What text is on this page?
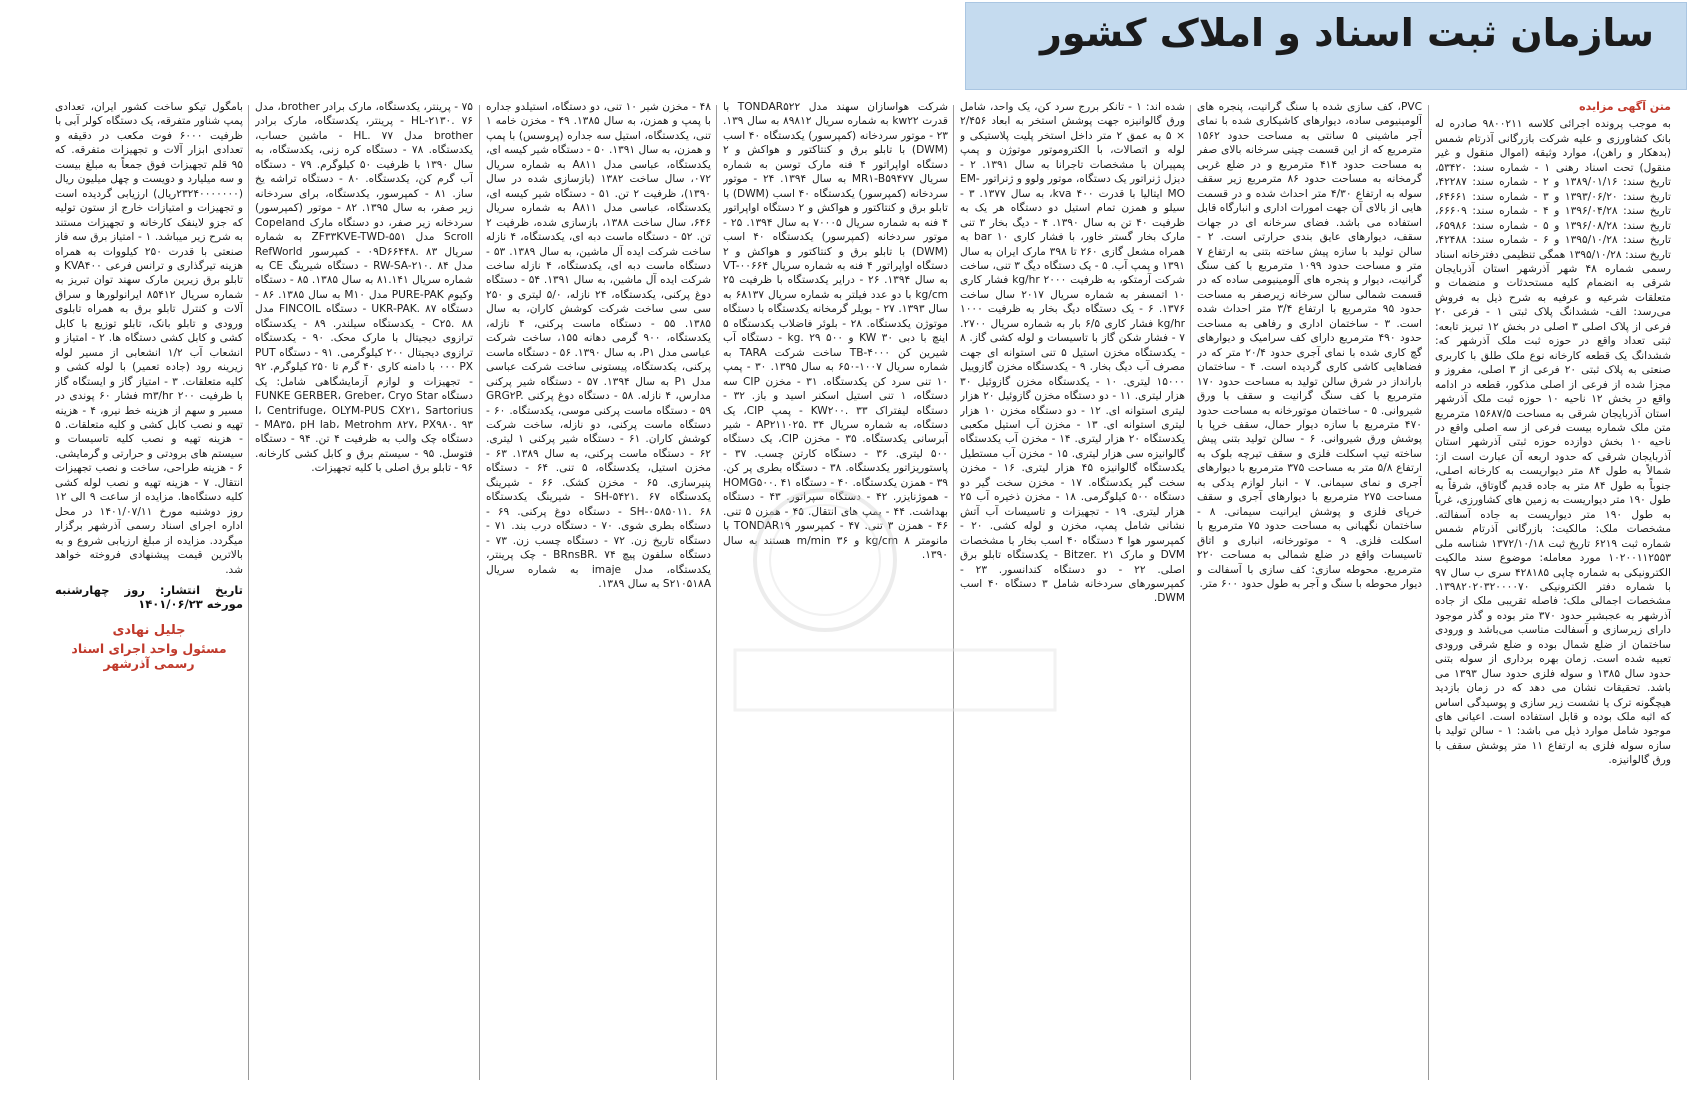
سازمان ثبت اسناد و املاک کشور
متن آگهی مزایده

به موجب پرونده اجرائی کلاسه ۹۸۰۰۲۱۱ صادره له بانک کشاورزی و علیه شرکت بازرگانی آذرتام شمس (بدهکار و راهن)، موارد وثیقه (اموال منقول و غیر منقول) تحت اسناد رهنی ۱ - شماره سند: ۵۳۴۲۰، تاریخ سند: ۱۳۸۹/۰۱/۱۶ و ۲ - شماره سند: ۴۲۲۸۷، تاریخ سند: ۱۳۹۳/۰۶/۲۰ و ۳ - شماره سند: ۶۴۶۶۱، تاریخ سند: ۱۳۹۶/۰۴/۲۸ و ۴ - شماره سند: ۶۶۶۰۹، تاریخ سند: ۱۳۹۶/۰۸/۲۸ و ۵ - شماره سند: ۶۵۹۸۶، تاریخ سند: ۱۳۹۵/۱۰/۲۸ و ۶ - شماره سند: ۴۲۴۸۸، تاریخ سند: ۱۳۹۵/۱۰/۲۸ همگی تنظیمی دفترخانه اسناد رسمی شماره ۴۸ شهر آذرشهر استان آذربایجان شرقی به انضمام کلیه مستحدثات و منضمات و متعلقات شرعیه و عرفیه به شرح ذیل به فروش می‌رسد: الف- ششدانگ پلاک ثبتی ۱ - فرعی ۲۰ فرعی از پلاک اصلی ۳ اصلی در بخش ۱۲ تبریز تابعه: ثبتی تعداد واقع در حوزه ثبت ملک آذرشهر که: ششدانگ یک قطعه کارخانه نوع ملک طلق با کاربری صنعتی به پلاک ثبتی ۲۰ فرعی از ۳ اصلی، مفروز و مجزا شده از فرعی از اصلی مذکور، قطعه در ادامه واقع در بخش ۱۲ ناحیه ۱۰ حوزه ثبت ملک آذرشهر استان آذربایجان شرقی به مساحت ۱۵۶۸۷/۵ مترمربع متن ملک شماره بیست فرعی از سه اصلی واقع در ناحیه ۱۰ بخش دوازده حوزه ثبتی آذرشهر استان آذربایجان شرقی که حدود اربعه آن عبارت است از: شمالاً به طول ۸۴ متر دیواریست به کارخانه اصلی، جنوباً به طول ۸۴ متر به جاده قدیم گاوتاق، شرقاً به طول ۱۹۰ متر دیواریست به زمین های کشاورزی، غرباً به طول ۱۹۰ متر دیواریست به جاده آسفالته. مشخصات ملک: مالکیت: بازرگانی آذرتام شمس شماره ثبت ۶۲۱۹ تاریخ ثبت ۱۳۷۲/۱۰/۱۸ شناسه ملی ۱۰۲۰۰۱۱۲۵۵۳ مورد معامله: موضوع سند مالکیت الکترونیکی به شماره چاپی ۴۲۸۱۸۵ سری ب سال ۹۷ با شماره دفتر الکترونیکی ۱۳۹۸۲۰۲۰۳۲۰۰۰۰۷۰. مشخصات اجمالی ملک: فاصله تقریبی ملک از جاده آذرشهر به عجبشیر حدود ۳۷۰ متر بوده و گذر موجود دارای زیرسازی و آسفالت مناسب می‌باشد و ورودی ساختمان از ضلع شمال بوده و ضلع شرقی ورودی تعبیه شده است. زمان بهره برداری از سوله بتنی حدود سال ۱۳۸۵ و سوله فلزی حدود سال ۱۳۹۳ می باشد. تحقیقات نشان می دهد که در زمان بازدید هیچگونه ترک یا نشست زیر سازی و پوسیدگی اساس که اثبه ملک بوده و قابل استفاده است. اعیانی های موجود شامل موارد ذیل می باشد: ۱ - سالن تولید با سازه سوله فلزی به ارتفاع ۱۱ متر پوشش سقف با ورق گالوانیزه.

PVC، کف سازی شده با سنگ گرانیت، پنجره های آلومینیومی ساده، دیوارهای کاشیکاری شده با نمای آجر ماشینی ۵ سانتی به مساحت حدود ۱۵۶۲ مترمربع که از این قسمت چینی سرخانه بالای صفر به مساحت حدود ۴۱۴ مترمربع و در ضلع غربی گرمخانه به مساحت حدود ۸۶ مترمربع زیر سقف سوله به ارتفاع ۴/۳۰ متر احداث شده و در قسمت هایی از بالای آن جهت امورات اداری و انبارگاه قابل استفاده می باشد. فضای سرخانه ای در جهات سقف، دیوارهای عایق بندی حرارتی است. ۲ - سالن تولید با سازه پیش ساخته بتنی به ارتفاع ۷ متر و مساحت حدود ۱۰۹۹ مترمربع با کف سنگ گرانیت، دیوار و پنجره های آلومینیومی ساده که در قسمت شمالی سالن سرخانه زیرصفر به مساحت حدود ۹۵ مترمربع با ارتفاع ۳/۴ متر احداث شده است. ۳ - ساختمان اداری و رفاهی به مساحت حدود ۴۹۰ مترمربع دارای کف سرامیک و دیوارهای گچ کاری شده با نمای آجری حدود ۲۰/۴ متر که در فضاهایی کاشی کاری گردیده است. ۴ - ساختمان بارانداز در شرق سالن تولید به مساحت حدود ۱۷۰ مترمربع با کف سنگ گرانیت و سقف با ورق شیروانی. ۵ - ساختمان موتورخانه به مساحت حدود ۴۷۰ مترمربع با سازه دیوار حمال، سقف خرپا با پوشش ورق شیروانی. ۶ - سالن تولید بتنی پیش ساخته تیپ اسکلت فلزی و سقف تیرچه بلوک به ارتفاع ۵/۸ متر به مساحت ۳۷۵ مترمربع با دیوارهای آجری و نمای سیمانی. ۷ - انبار لوازم یدکی به مساحت ۲۷۵ مترمربع با دیوارهای آجری و سقف خرپای فلزی و پوشش ایرانیت سیمانی. ۸ - ساختمان نگهبانی به مساحت حدود ۷۵ مترمربع با اسکلت فلزی. ۹ - موتورخانه، انباری و اتاق تاسیسات واقع در ضلع شمالی به مساحت ۲۲۰ مترمربع. محوطه سازی: کف سازی با آسفالت و دیوار محوطه با سنگ و آجر به طول حدود ۶۰۰ متر.

شده اند: ۱ - تانکر بررج سرد کن، یک واحد، شامل ورق گالوانیزه جهت پوشش استخر به ابعاد ۲/۴۵۶ × ۵ به عمق ۲ متر داخل استخر پلیت پلاستیکی و لوله و اتصالات، با الکتروموتور موتوژن و پمپ پمپیران با مشخصات تاجرانا به سال ۱۳۹۱. ۲ - دیزل ژنراتور یک دستگاه، موتور ولوو و ژنراتور EM-MO ایتالیا با قدرت ۴۰۰ kva، به سال ۱۳۷۷. ۳ - سیلو و همزن تمام استیل دو دستگاه هر یک به ظرفیت ۴۰ تن به سال ۱۳۹۰. ۴ - دیگ بخار ۳ تنی مارک بخار گستر خاور، با فشار کاری ۱۰ bar به همراه مشعل گازی ۲۶۰ تا ۳۹۸ مارک ایران به سال ۱۳۹۱ و پمپ آب. ۵ - یک دستگاه دیگ ۳ تنی، ساخت شرکت آرمتکو، به ظرفیت ۲۰۰۰ kg/hr فشار کاری ۱۰ اتمسفر به شماره سریال ۲۰۱۷ سال ساخت ۱۳۷۶. ۶ - یک دستگاه دیگ بخار به ظرفیت ۱۰۰۰ kg/hr فشار کاری ۶/۵ بار به شماره سریال ۲۷۰۰. ۷ - فشار شکن گاز با تاسیسات و لوله کشی گاز. ۸ - یکدستگاه مخزن استیل ۵ تنی استوانه ای جهت مصرف آب دیگ بخار. ۹ - یکدستگاه مخزن گازوییل ۱۵۰۰۰ لیتری. ۱۰ - یکدستگاه مخزن گازوئیل ۳۰ هزار لیتری. ۱۱ - دو دستگاه مخزن گازوئیل ۲۰ هزار لیتری استوانه ای. ۱۲ - دو دستگاه مخزن ۱۰ هزار لیتری استوانه ای. ۱۳ - مخزن آب استیل مکعبی یکدستگاه ۲۰ هزار لیتری. ۱۴ - مخزن آب یکدستگاه گالوانیزه سی هزار لیتری. ۱۵ - مخزن آب مستطیل یکدستگاه گالوانیزه ۴۵ هزار لیتری. ۱۶ - مخزن سخت گیر یکدستگاه. ۱۷ - مخزن سخت گیر دو دستگاه ۵۰۰ کیلوگرمی. ۱۸ - مخزن ذخیره آب ۲۵ هزار لیتری. ۱۹ - تجهیزات و تاسیسات آب آتش نشانی شامل پمپ، مخزن و لوله کشی. ۲۰ - کمپرسور هوا ۴ دستگاه ۴۰ اسب بخار با مشخصات DVM و مارک Bitzer. ۲۱ - یکدستگاه تابلو برق اصلی. ۲۲ - دو دستگاه کندانسور. ۲۳ - کمپرسورهای سردخانه شامل ۳ دستگاه ۴۰ اسب DWM.

شرکت هواسازان سهند مدل TONDAR۵۲۲ با قدرت kw۲۲ به شماره سریال ۸۹۸۱۲ به سال ۱۳۹. ۲۳ - موتور سردخانه (کمپرسور) یکدستگاه ۴۰ اسب (DWM) با تابلو برق و کنتاکتور و هواکش و ۲ دستگاه اواپراتور ۴ فنه مارک توسن به شماره سریال MR۱-B۵۹۴۷۷ به سال ۱۳۹۴. ۲۴ - موتور سردخانه (کمپرسور) یکدستگاه ۴۰ اسب (DWM) با تابلو برق و کنتاکتور و هواکش و ۲ دستگاه اواپراتور ۴ فنه به شماره سریال ۷۰۰۰۵ به سال ۱۳۹۴. ۲۵ - موتور سردخانه (کمپرسور) یکدستگاه ۴۰ اسب (DWM) با تابلو برق و کنتاکتور و هواکش و ۲ دستگاه اواپراتور ۴ فنه به شماره سریال VT-۰۰۶۶۴ به سال ۱۳۹۴. ۲۶ - درایر یکدستگاه با ظرفیت ۲۵ kg/cm با دو عدد فیلتر به شماره سریال ۶۸۱۳۷ به سال ۱۳۹۳. ۲۷ - بویلر گرمخانه یکدستگاه با دستگاه موتوژن یکدستگاه. ۲۸ - بلوئر فاضلاب یکدستگاه ۵ اینچ با دبی ۳۰ KW و ۵۰۰ kg. ۲۹ - دستگاه آب شیرین کن TB-۴۰۰۰ ساخت شرکت TARA به شماره سریال ۱۰۰۷-۶۵۰ به سال ۱۳۹۵. ۳۰ - پمپ ۱۰ تنی سرد کن یکدستگاه. ۳۱ - مخزن CIP سه دستگاه، ۱ تنی استیل اسکنر اسید و باز. ۳۲ - دستگاه لیفتراک KW۲۰۰. ۳۳ - پمپ CIP، یک دستگاه، به شماره سریال AP۲۱۱۰۲۵. ۳۴ - شیر آبرسانی یکدستگاه. ۳۵ - مخزن CIP، یک دستگاه ۵۰۰ لیتری. ۳۶ - دستگاه کارتن چسب. ۳۷ - پاستوریزاتور یکدستگاه. ۳۸ - دستگاه بطری پر کن. ۳۹ - همزن یکدستگاه. ۴۰ - دستگاه HOMG۵۰۰. ۴۱ - هموژنایزر. ۴۲ - دستگاه سپراتور. ۴۳ - دستگاه بهداشت. ۴۴ - پمپ های انتقال. ۴۵ - همزن ۵ تنی. ۴۶ - همزن ۳ تنی. ۴۷ - کمپرسور TONDAR۱۹ با مانومتر kg/cm ۸ و m/min ۳۶ هستند به سال ۱۳۹۰.

۴۸ - مخزن شیر ۱۰ تنی، دو دستگاه، استیلدو جداره با پمپ و همزن، به سال ۱۳۸۵. ۴۹ - مخزن خامه ۱ تنی، یکدستگاه، استیل سه جداره (پروسس) با پمپ و همزن، به سال ۱۳۹۱. ۵۰ - دستگاه شیر کیسه ای، یکدستگاه، عباسی مدل A۸۱۱ به شماره سریال ۰۷۲، سال ساخت ۱۳۸۲ (بازسازی شده در سال ۱۳۹۰)، ظرفیت ۲ تن. ۵۱ - دستگاه شیر کیسه ای، یکدستگاه، عباسی مدل A۸۱۱ به شماره سریال ۶۴۶، سال ساخت ۱۳۸۸، بازسازی شده، ظرفیت ۲ تن. ۵۲ - دستگاه ماست دبه ای، یکدستگاه، ۴ نازله ساخت شرکت ایده آل ماشین، به سال ۱۳۸۹. ۵۳ - دستگاه ماست دبه ای، یکدستگاه، ۴ نازله ساخت شرکت ایده آل ماشین، به سال ۱۳۹۱. ۵۴ - دستگاه دوغ پرکنی، یکدستگاه، ۲۴ نازله، ۵/۰ لیتری و ۲۵۰ سی سی ساخت شرکت کوشش کاران، به سال ۱۳۸۵. ۵۵ - دستگاه ماست پرکنی، ۴ نازله، یکدستگاه، ۹۰۰ گرمی دهانه ۱۵۵، ساخت شرکت عباسی مدل P۱، به سال ۱۳۹۰. ۵۶ - دستگاه ماست پرکنی، یکدستگاه، پیستونی ساخت شرکت عباسی مدل P۱ به سال ۱۳۹۴. ۵۷ - دستگاه شیر پرکنی مدارس، ۴ نازله. ۵۸ - دستگاه دوغ پرکنی GRG۲P. ۵۹ - دستگاه ماست پرکنی موسی، یکدستگاه. ۶۰ - دستگاه ماست پرکنی، دو نازله، ساخت شرکت کوشش کاران. ۶۱ - دستگاه شیر پرکنی ۱ لیتری. ۶۲ - دستگاه ماست پرکنی، به سال ۱۳۸۹. ۶۳ - مخزن استیل، یکدستگاه، ۵ تنی. ۶۴ - دستگاه پنیرسازی. ۶۵ - مخزن کشک. ۶۶ - شیرینگ یکدستگاه SH-۵۴۲۱. ۶۷ - شیرینگ یکدستگاه SH-۰۵۸۵۰۱۱. ۶۸ - دستگاه دوغ پرکنی. ۶۹ - دستگاه بطری شوی. ۷۰ - دستگاه درب بند. ۷۱ - دستگاه تاریخ زن. ۷۲ - دستگاه چسب زن. ۷۳ - دستگاه سلفون پیچ BRnsBR. ۷۴ - چک پرینتر، یکدستگاه، مدل imaje به شماره سریال S۲۱۰۵۱۸A به سال ۱۳۸۹.

۷۵ - پرینتر، یکدستگاه، مارک برادر brother، مدل HL-۲۱۳۰. ۷۶ - پرینتر، یکدستگاه، مارک برادر brother مدل HL. ۷۷ - ماشین حساب، یکدستگاه. ۷۸ - دستگاه کره زنی، یکدستگاه، به سال ۱۳۹۰ با ظرفیت ۵۰ کیلوگرم. ۷۹ - دستگاه آب گرم کن، یکدستگاه. ۸۰ - دستگاه تراشه یخ ساز. ۸۱ - کمپرسور، یکدستگاه، برای سردخانه زیر صفر، به سال ۱۳۹۵. ۸۲ - موتور (کمپرسور) سردخانه زیر صفر، دو دستگاه مارک Copeland Scroll مدل ZF۳۳KVE-TWD-۵۵۱ به شماره سریال ۰۹D۶۶۴۴۸. ۸۳ - کمپرسور RefWorld مدل RW-SA-۲۱۰. ۸۴ - دستگاه شیرینگ CE به شماره سریال ۸۱.۱۴۱ به سال ۱۳۸۵. ۸۵ - دستگاه وکیوم PURE-PAK مدل M۱۰ به سال ۱۳۸۵. ۸۶ - دستگاه UKR-PAK. ۸۷ - دستگاه FINCOIL مدل C۲۵. ۸۸ - یکدستگاه سیلندر. ۸۹ - یکدستگاه ترازوی دیجیتال با مارک محک. ۹۰ - یکدستگاه ترازوی دیجیتال ۲۰۰ کیلوگرمی. ۹۱ - دستگاه PUT ۰۰۰ PX با دامنه کاری ۴۰ گرم تا ۲۵۰ کیلوگرم. ۹۲ - تجهیزات و لوازم آزمایشگاهی شامل: یک دستگاه FUNKE GERBER، Greber، Cryo Star I، Centrifuge، OLYM-PUS CX۲۱، Sartorius MA۳۵، pH lab، Metrohm ۸۲۷، PX۹۸۰. ۹۳ - دستگاه چک والب به ظرفیت ۴ تن. ۹۴ - دستگاه فتوسل. ۹۵ - سیستم برق و کابل کشی کارخانه. ۹۶ - تابلو برق اصلی با کلیه تجهیزات.

بامگول تیکو ساخت کشور ایران، تعدادی پمپ شناور متفرقه، یک دستگاه کولر آبی با ظرفیت ۶۰۰۰ فوت مکعب در دقیقه و تعدادی ابزار آلات و تجهیزات متفرقه. که ۹۵ قلم تجهیزات فوق جمعاً به مبلغ بیست و سه میلیارد و دویست و چهل میلیون ریال (۲۳۲۴۰۰۰۰۰۰۰ریال) ارزیابی گردیده است و تجهیزات و امتیازات خارج از ستون تولیه که جزو لاینفک کارخانه و تجهیزات مستند به شرح زیر میباشد. ۱ - امتیاز برق سه فاز صنعتی با قدرت ۲۵۰ کیلووات به همراه هزینه تیرگذاری و ترانس فرعی KVA۴۰۰ و تابلو برق زیرین مارک سهند توان تبریز به شماره سریال ۸۵۴۱۲ ایرانولورها و سراق آلات و کنترل تابلو برق به همراه تابلوی ورودی و تابلو بانک، تابلو توزیع با کابل کشی و کابل کشی دستگاه ها. ۲ - امتیاز و انشعاب آب ۱/۲ انشعابی از مسیر لوله زیرینه رود (جاده تعمیر) با لوله کشی و کلیه متعلقات. ۳ - امتیاز گاز و ایستگاه گاز با ظرفیت m۳/hr ۲۰۰ فشار ۶۰ پوندی در مسیر و سهم از هزینه خط نیرو، ۴ - هزینه تهیه و نصب کابل کشی و کلیه متعلقات. ۵ - هزینه تهیه و نصب کلیه تاسیسات و سیستم های برودتی و حرارتی و گرمایشی. ۶ - هزینه طراحی، ساخت و نصب تجهیزات انتقال. ۷ - هزینه تهیه و نصب لوله کشی کلیه دستگاه‌ها. مزایده از ساعت ۹ الی ۱۲ روز دوشنبه مورخ ۱۴۰۱/۰۷/۱۱ در محل اداره اجرای اسناد رسمی آذرشهر برگزار میگردد. مزایده از مبلغ ارزیابی شروع و به بالاترین قیمت پیشنهادی فروخته خواهد شد.

تاریخ انتشار: روز چهارشنبه مورخه ۱۴۰۱/۰۶/۲۳
جلیل نهادی
مسئول واحد اجرای اسناد رسمی آذرشهر
